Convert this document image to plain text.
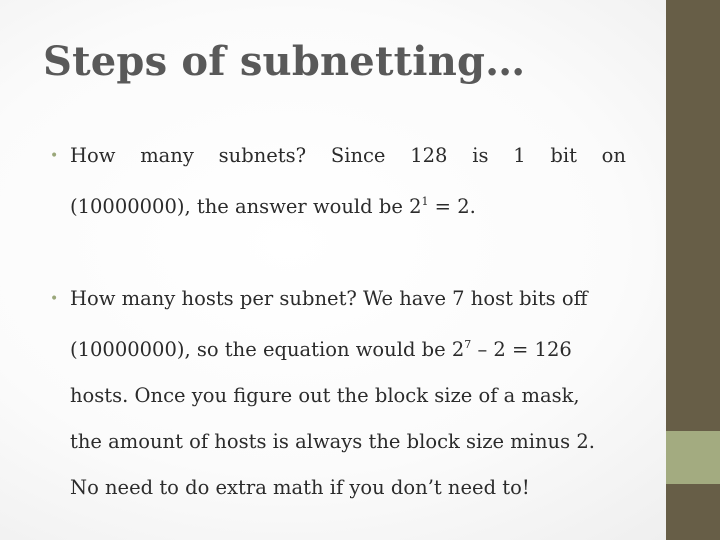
Steps of subnetting…
• How many subnets? Since 128 is 1 bit on
(10000000), the answer would be $2^1 = 2$.
• How many hosts per subnet? We have 7 host bits off
(10000000), so the equation would be $2^7 - 2 = 126$
hosts. Once you figure out the block size of a mask,
the amount of hosts is always the block size minus 2.
No need to do extra math if you don’t need to!
